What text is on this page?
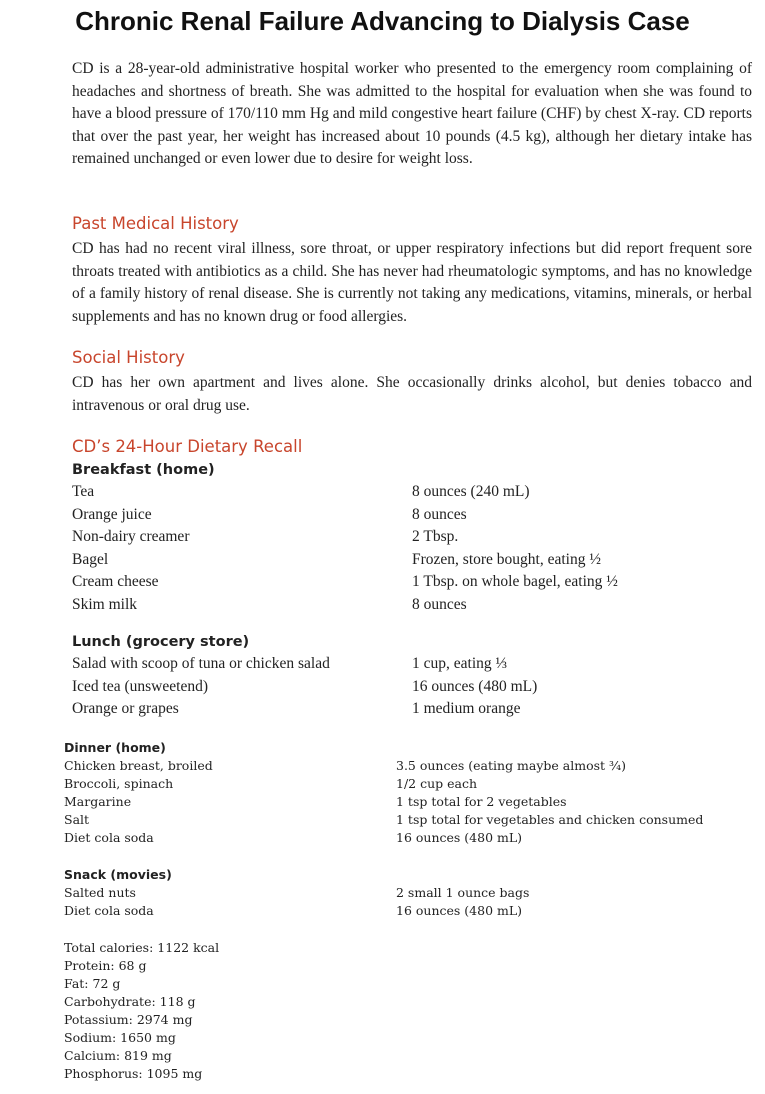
Chronic Renal Failure Advancing to Dialysis Case
CD is a 28-year-old administrative hospital worker who presented to the emergency room complaining of headaches and shortness of breath. She was admitted to the hospital for evaluation when she was found to have a blood pressure of 170/110 mm Hg and mild congestive heart failure (CHF) by chest X-ray. CD reports that over the past year, her weight has increased about 10 pounds (4.5 kg), although her dietary intake has remained unchanged or even lower due to desire for weight loss.
Past Medical History
CD has had no recent viral illness, sore throat, or upper respiratory infections but did report frequent sore throats treated with antibiotics as a child. She has never had rheumatologic symptoms, and has no knowledge of a family history of renal disease. She is currently not taking any medications, vitamins, minerals, or herbal supplements and has no known drug or food allergies.
Social History
CD has her own apartment and lives alone. She occasionally drinks alcohol, but denies tobacco and intravenous or oral drug use.
CD’s 24-Hour Dietary Recall
Breakfast (home)
Tea	8 ounces (240 mL)
Orange juice	8 ounces
Non-dairy creamer	2 Tbsp.
Bagel	Frozen, store bought, eating ½
Cream cheese	1 Tbsp. on whole bagel, eating ½
Skim milk	8 ounces
Lunch (grocery store)
Salad with scoop of tuna or chicken salad	1 cup, eating ⅓
Iced tea (unsweetend)	16 ounces (480 mL)
Orange or grapes	1 medium orange
Dinner (home)
Chicken breast, broiled	3.5 ounces (eating maybe almost ¾)
Broccoli, spinach	1/2 cup each
Margarine	1 tsp total for 2 vegetables
Salt	1 tsp total for vegetables and chicken consumed
Diet cola soda	16 ounces (480 mL)
Snack (movies)
Salted nuts	2 small 1 ounce bags
Diet cola soda	16 ounces (480 mL)
Total calories: 1122 kcal
Protein: 68 g
Fat: 72 g
Carbohydrate: 118 g
Potassium: 2974 mg
Sodium: 1650 mg
Calcium: 819 mg
Phosphorus: 1095 mg
